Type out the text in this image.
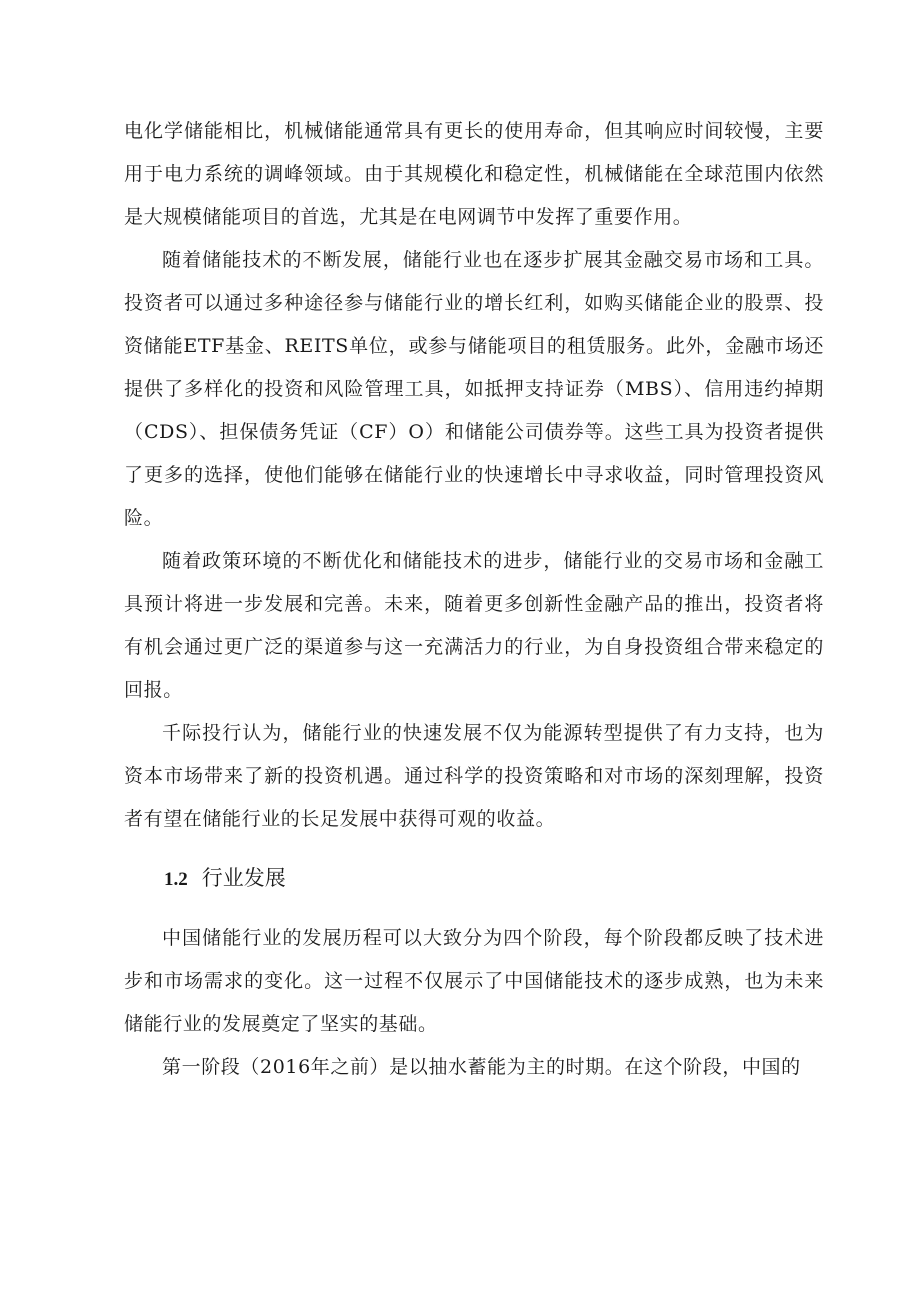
电化学储能相比，机械储能通常具有更长的使用寿命，但其响应时间较慢，主要用于电力系统的调峰领域。由于其规模化和稳定性，机械储能在全球范围内依然是大规模储能项目的首选，尤其是在电网调节中发挥了重要作用。

随着储能技术的不断发展，储能行业也在逐步扩展其金融交易市场和工具。投资者可以通过多种途径参与储能行业的增长红利，如购买储能企业的股票、投资储能ETF基金、REITS单位，或参与储能项目的租赁服务。此外，金融市场还提供了多样化的投资和风险管理工具，如抵押支持证券（MBS）、信用违约掉期（CDS）、担保债务凭证（CF）O）和储能公司债券等。这些工具为投资者提供了更多的选择，使他们能够在储能行业的快速增长中寻求收益，同时管理投资风险。

随着政策环境的不断优化和储能技术的进步，储能行业的交易市场和金融工具预计将进一步发展和完善。未来，随着更多创新性金融产品的推出，投资者将有机会通过更广泛的渠道参与这一充满活力的行业，为自身投资组合带来稳定的回报。

千际投行认为，储能行业的快速发展不仅为能源转型提供了有力支持，也为资本市场带来了新的投资机遇。通过科学的投资策略和对市场的深刻理解，投资者有望在储能行业的长足发展中获得可观的收益。

1.2 行业发展

中国储能行业的发展历程可以大致分为四个阶段，每个阶段都反映了技术进步和市场需求的变化。这一过程不仅展示了中国储能技术的逐步成熟，也为未来储能行业的发展奠定了坚实的基础。

第一阶段（2016年之前）是以抽水蓄能为主的时期。在这个阶段，中国的
